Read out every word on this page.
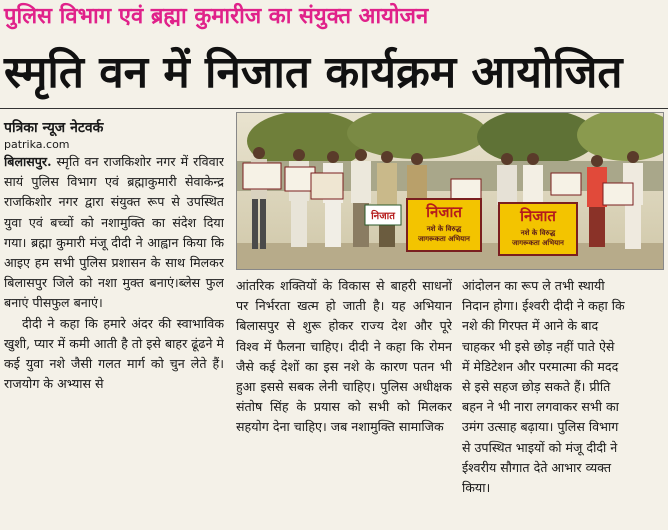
पुलिस विभाग एवं ब्रह्मा कुमारीज का संयुक्त आयोजन
स्मृति वन में निजात कार्यक्रम आयोजित
पत्रिका न्यूज नेटवर्क
patrika.com
निजात निजात
नशे के विरुद्ध
जागरूकता अभियान
निजात
नशे के विरुद्ध
जागरूकता अभियान

बिलासपुर. स्मृति वन राजकिशोर नगर में रविवार सायं पुलिस विभाग एवं ब्रह्माकुमारी सेवाकेन्द्र राजकिशोर नगर द्वारा संयुक्त रूप से उपस्थित युवा एवं बच्चों को नशामुक्ति का संदेश दिया गया। ब्रह्मा कुमारी मंजू दीदी ने आह्वान किया कि आइए हम सभी पुलिस प्रशासन के साथ मिलकर बिलासपुर जिले को नशा मुक्त बनाएं।ब्लेस फुल बनाएं पीसफुल बनाएं।

दीदी ने कहा कि हमारे अंदर की स्वाभाविक खुशी, प्यार में कमी आती है तो इसे बाहर ढूंढने मे कई युवा नशे जैसी गलत मार्ग को चुन लेते हैं। राजयोग के अभ्यास से

आंतरिक शक्तियों के विकास से बाहरी साधनों पर निर्भरता खत्म हो जाती है। यह अभियान बिलासपुर से शुरू होकर राज्य देश और पूरे विश्व में फैलना चाहिए। दीदी ने कहा कि रोमन जैसे कई देशों का इस नशे के कारण पतन भी हुआ इससे सबक लेनी चाहिए। पुलिस अधीक्षक संतोष सिंह के प्रयास को सभी को मिलकर सहयोग देना चाहिए। जब नशामुक्ति सामाजिक

आंदोलन का रूप ले तभी स्थायी

निदान होगा। ईश्वरी दीदी ने कहा कि

नशे की गिरफ्त में आने के बाद

चाहकर भी इसे छोड़ नहीं पाते ऐसे

में मेडिटेशन और परमात्मा की मदद

से इसे सहज छोड़ सकते हैं। प्रीति

बहन ने भी नारा लगवाकर सभी का

उमंग उत्साह बढ़ाया। पुलिस विभाग

से उपस्थित भाइयों को मंजू दीदी ने

ईश्वरीय सौगात देते आभार व्यक्त

किया।
